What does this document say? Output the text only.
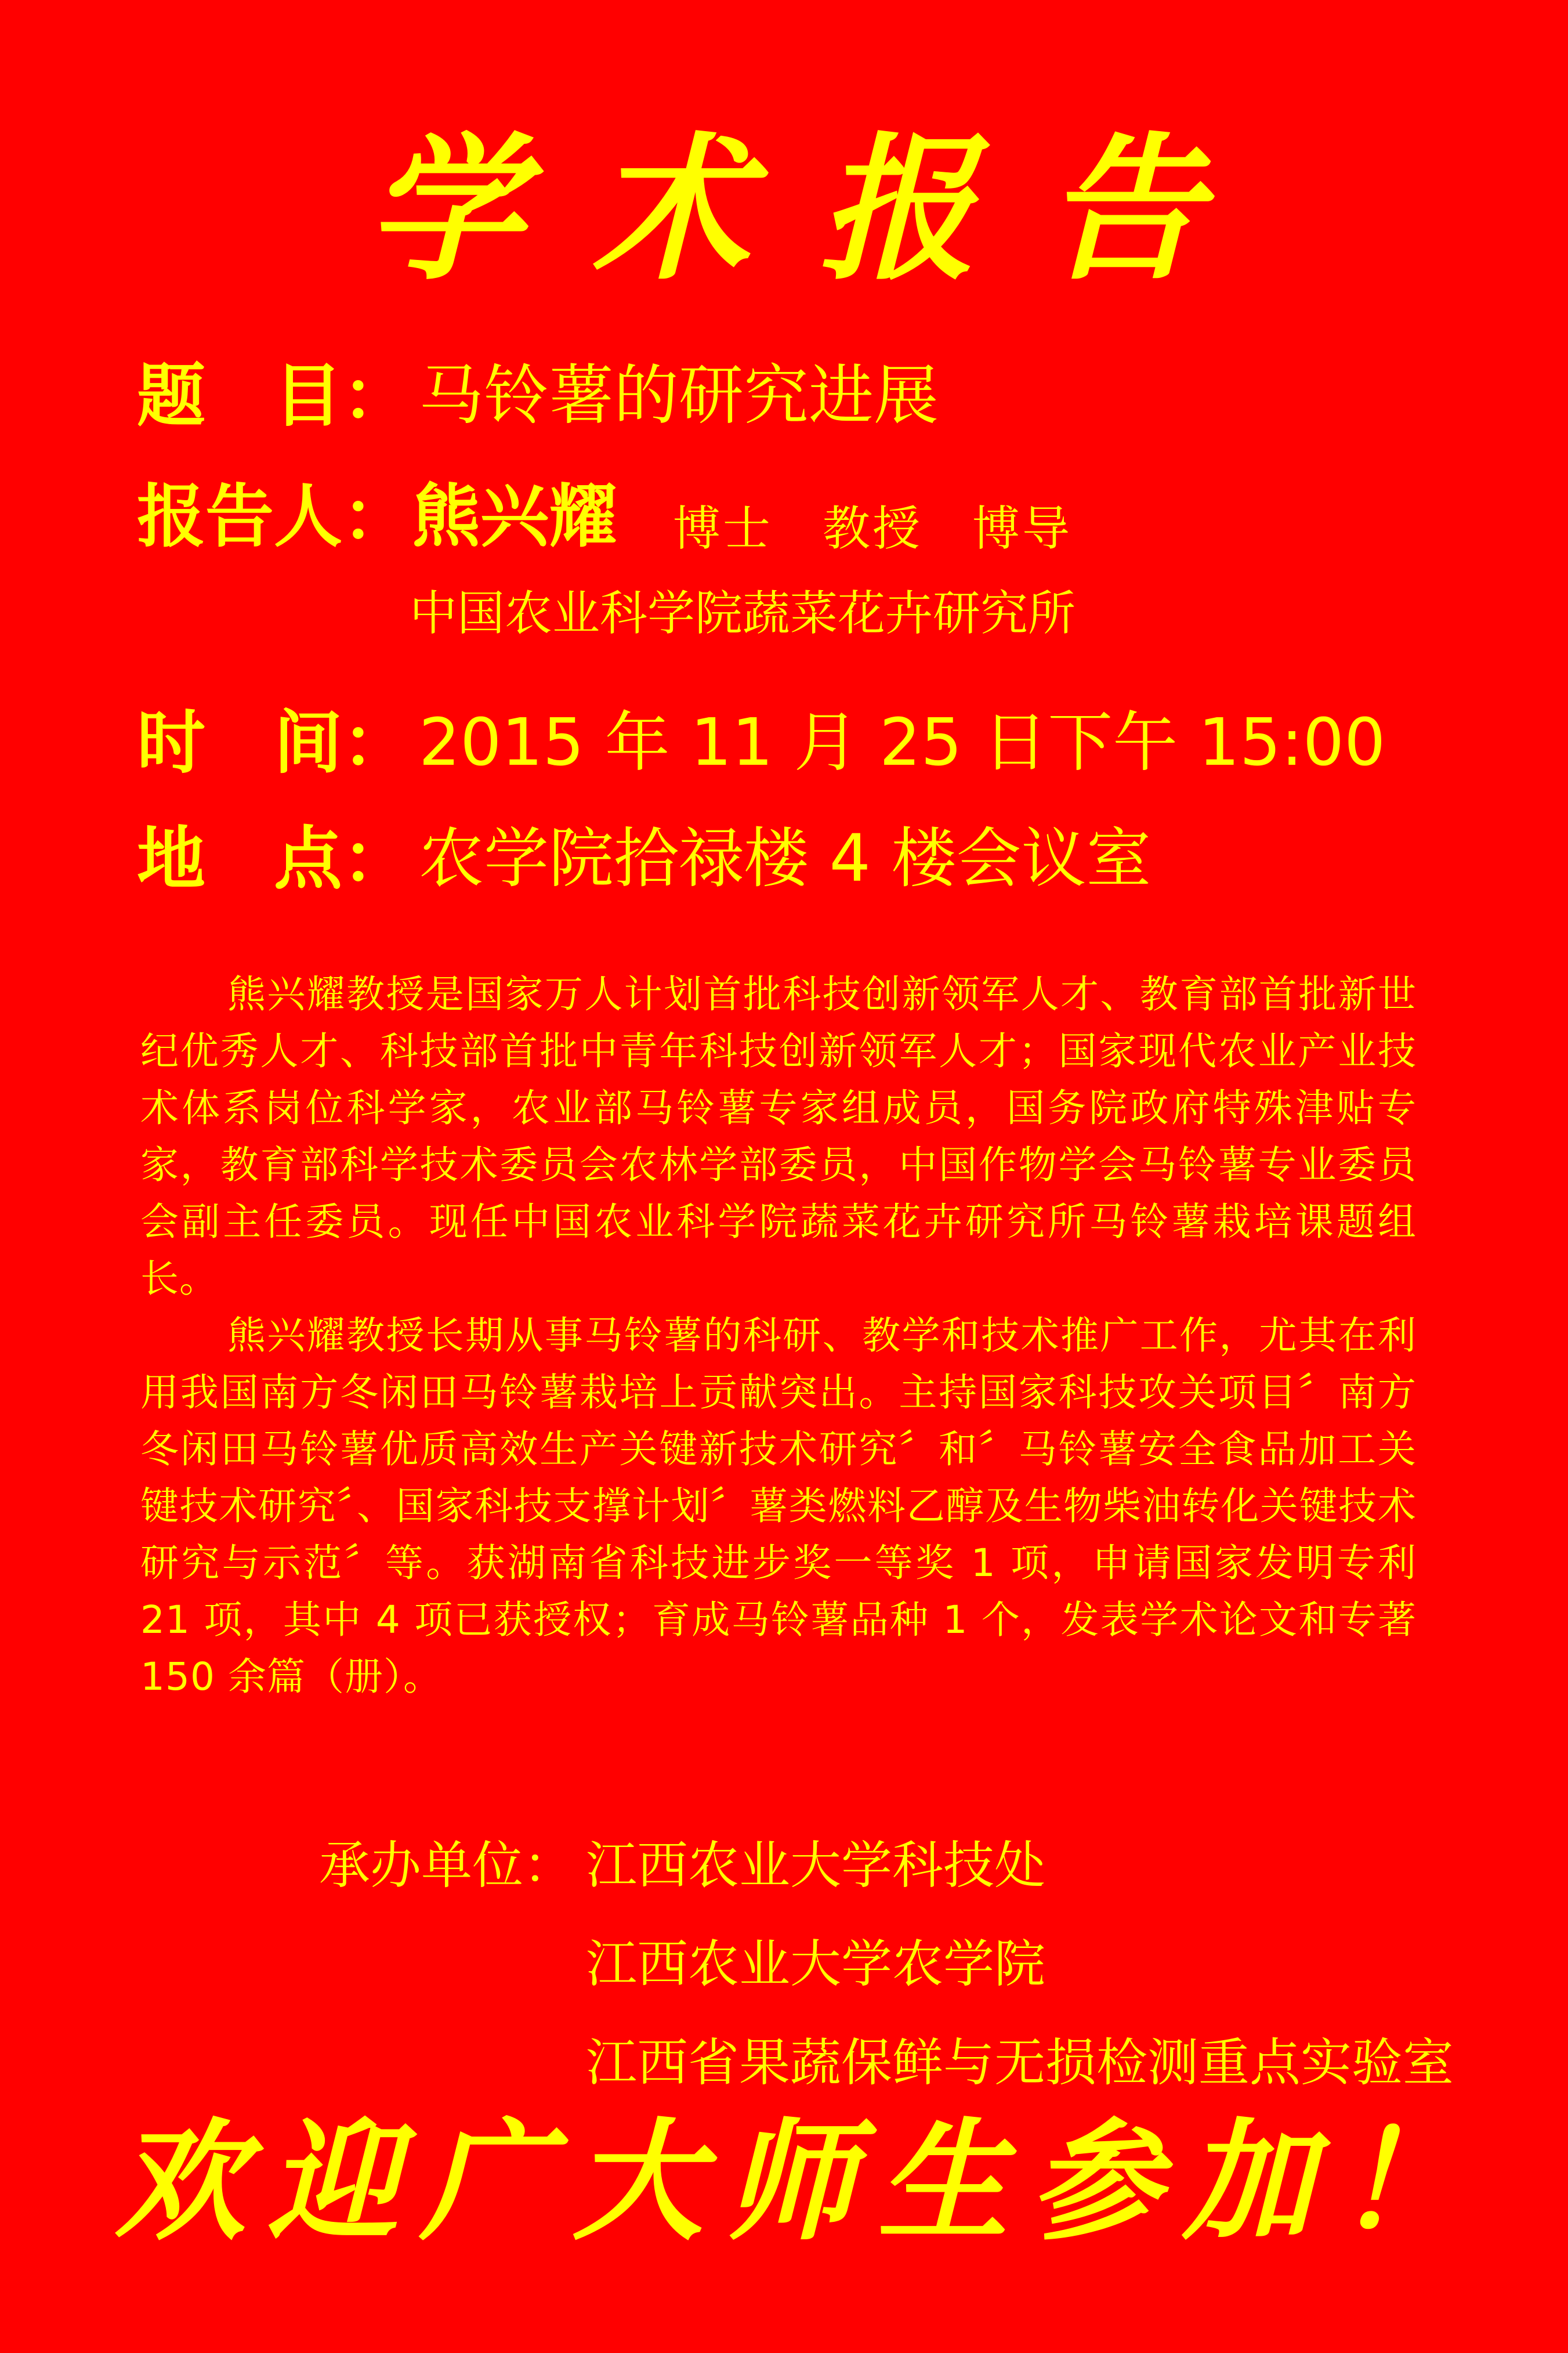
学术报告
题　目： 马铃薯的研究进展
报告人： 熊兴耀 博士　教授　博导
中国农业科学院蔬菜花卉研究所
时　间： 2015 年 11 月 25 日下午 15:00
地　点： 农学院拾禄楼 4 楼会议室

熊兴耀教授是国家万人计划首批科技创新领军人才、教育部首批新世纪优秀人才、科技部首批中青年科技创新领军人才；国家现代农业产业技术体系岗位科学家，农业部马铃薯专家组成员，国务院政府特殊津贴专家，教育部科学技术委员会农林学部委员，中国作物学会马铃薯专业委员会副主任委员。现任中国农业科学院蔬菜花卉研究所马铃薯栽培课题组长。

熊兴耀教授长期从事马铃薯的科研、教学和技术推广工作，尤其在利用我国南方冬闲田马铃薯栽培上贡献突出。主持国家科技攻关项目〞南方冬闲田马铃薯优质高效生产关键新技术研究〞和〞马铃薯安全食品加工关键技术研究〞、国家科技支撑计划〞薯类燃料乙醇及生物柴油转化关键技术研究与示范〞等。获湖南省科技进步奖一等奖 1 项，申请国家发明专利 21 项，其中 4 项已获授权；育成马铃薯品种 1 个，发表学术论文和专著 150 余篇（册）。

承办单位： 江西农业大学科技处
江西农业大学农学院
江西省果蔬保鲜与无损检测重点实验室
欢迎广大师生参加！
